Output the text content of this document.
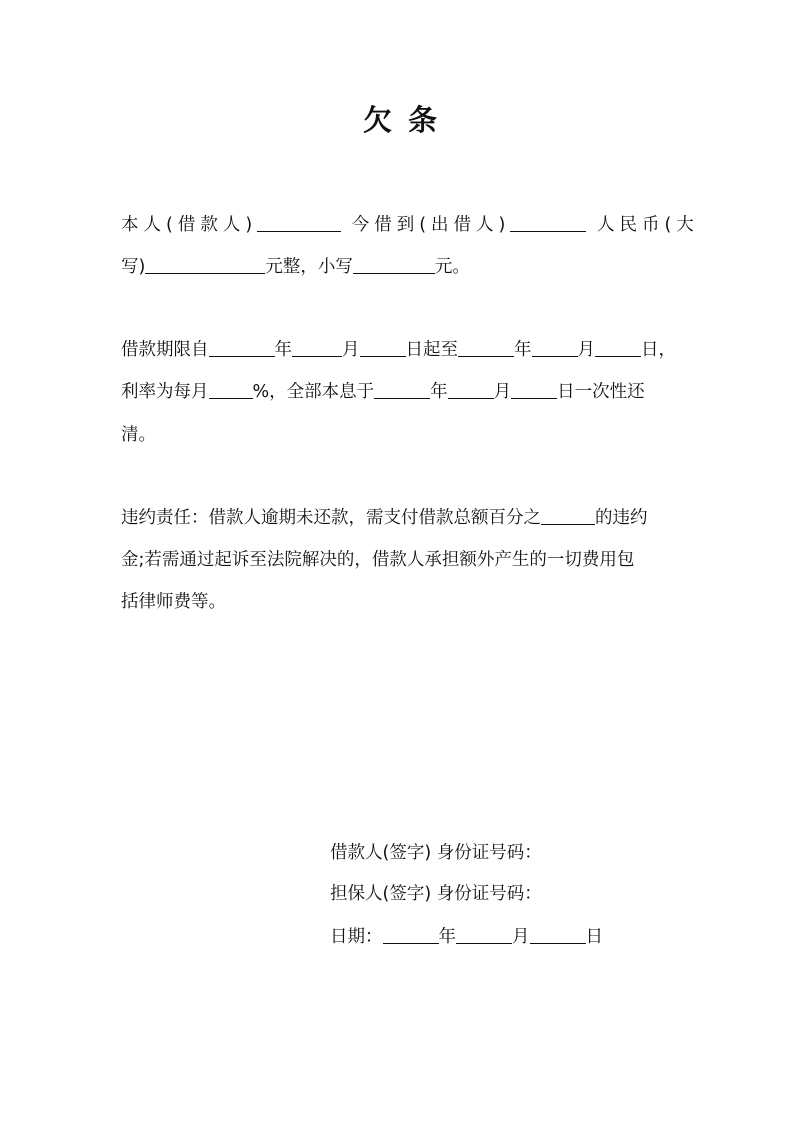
欠条
本人(借款人)	今借到(出借人)	人民币(大
写)	元整，小写	元。
借款期限自	年	月	日起至	年	月	日，
利率为每月	%，全部本息于	年	月	日一次性还
清。
违约责任：借款人逾期未还款，需支付借款总额百分之	的违约
金;若需通过起诉至法院解决的，借款人承担额外产生的一切费用包
括律师费等。
借款人(签字) 身份证号码：
担保人(签字) 身份证号码：
日期：	年	月	日
